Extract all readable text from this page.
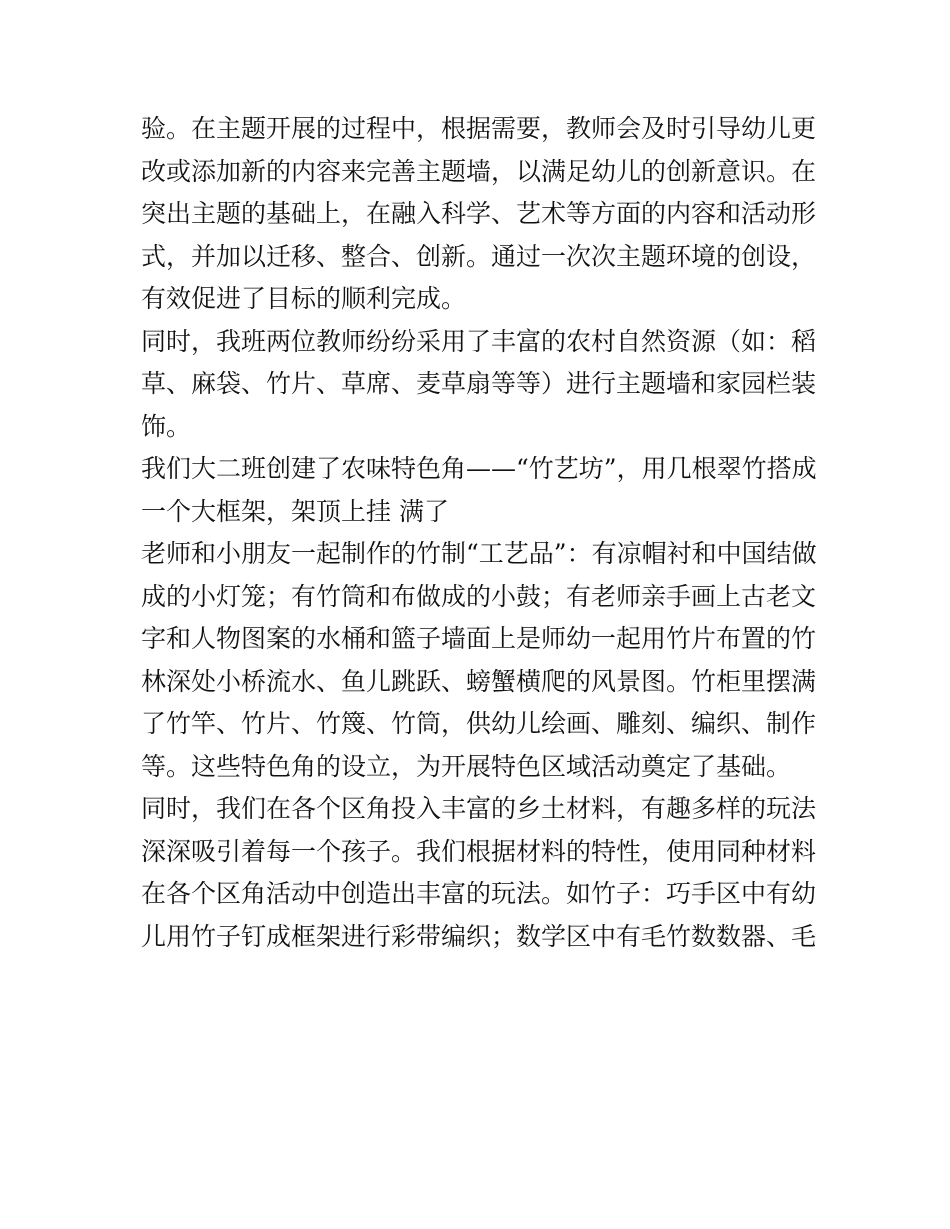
验。在主题开展的过程中，根据需要，教师会及时引导幼儿更
改或添加新的内容来完善主题墙，以满足幼儿的创新意识。在
突出主题的基础上，在融入科学、艺术等方面的内容和活动形
式，并加以迁移、整合、创新。通过一次次主题环境的创设，
有效促进了目标的顺利完成。
同时，我班两位教师纷纷采用了丰富的农村自然资源（如：稻
草、麻袋、竹片、草席、麦草扇等等）进行主题墙和家园栏装
饰。
我们大二班创建了农味特色角——“竹艺坊”，用几根翠竹搭成
一个大框架，架顶上挂 满了
老师和小朋友一起制作的竹制“工艺品”：有凉帽衬和中国结做
成的小灯笼；有竹筒和布做成的小鼓；有老师亲手画上古老文
字和人物图案的水桶和篮子墙面上是师幼一起用竹片布置的竹
林深处小桥流水、鱼儿跳跃、螃蟹横爬的风景图。竹柜里摆满
了竹竿、竹片、竹篾、竹筒，供幼儿绘画、雕刻、编织、制作
等。这些特色角的设立，为开展特色区域活动奠定了基础。
同时，我们在各个区角投入丰富的乡土材料，有趣多样的玩法
深深吸引着每一个孩子。我们根据材料的特性，使用同种材料
在各个区角活动中创造出丰富的玩法。如竹子：巧手区中有幼
儿用竹子钉成框架进行彩带编织；数学区中有毛竹数数器、毛
